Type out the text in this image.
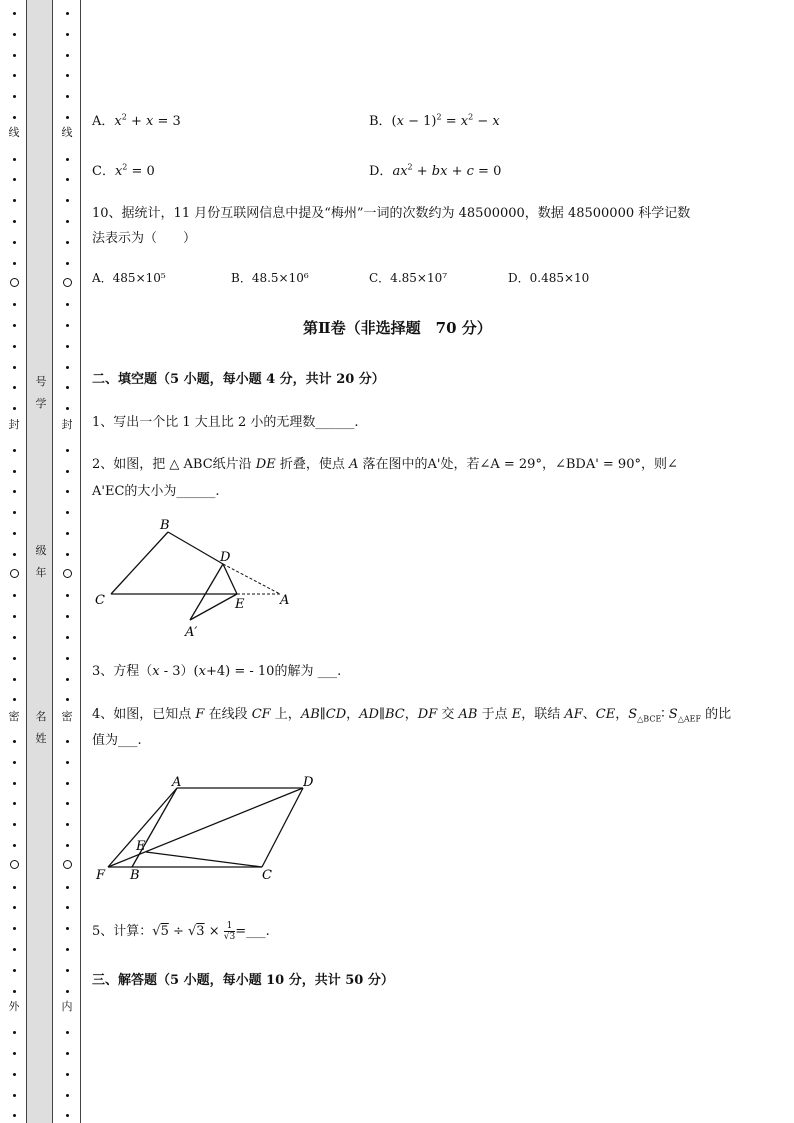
线
封
密
外
号
学
级
年
名
姓
线
封
密
内
A．$x^2 + x = 3$	B．$(x - 1)^2 = x^2 - x$
C．$x^2 = 0$	D．$ax^2$ + bx + c = 0
10、据统计，11 月份互联网信息中提及“梅州”一词的次数约为 48500000，数据 48500000 科学记数
法表示为（　　）
A．485×10⁵	B．48.5×10⁶	C．4.85×10⁷	D．0.485×10
第Ⅱ卷（非选择题　70 分）
二、填空题（5 小题，每小题 4 分，共计 20 分）
1、写出一个比 1 大且比 2 小的无理数______.
2、如图，把 △ ABC纸片沿 DE 折叠，使点 A 落在图中的A'处，若∠A = 29°，∠BDA' = 90°，则∠
A'EC的大小为______.
B
D
C	E	A
A′
3、方程（x - 3）(x+4) = - 10的解为 ___.
4、如图，已知点 F 在线段 CF 上，AB∥CD，AD∥BC，DF 交 AB 于点 E，联结 AF、CE，$S_{\triangle BCE}∶$ $S_{\triangle AEF}$ 的比
值为___.
A	D
E
F B	C
5、计算：$√5 \div √3 \times \frac{1}{√3}$ =___.
三、解答题（5 小题，每小题 10 分，共计 50 分）
